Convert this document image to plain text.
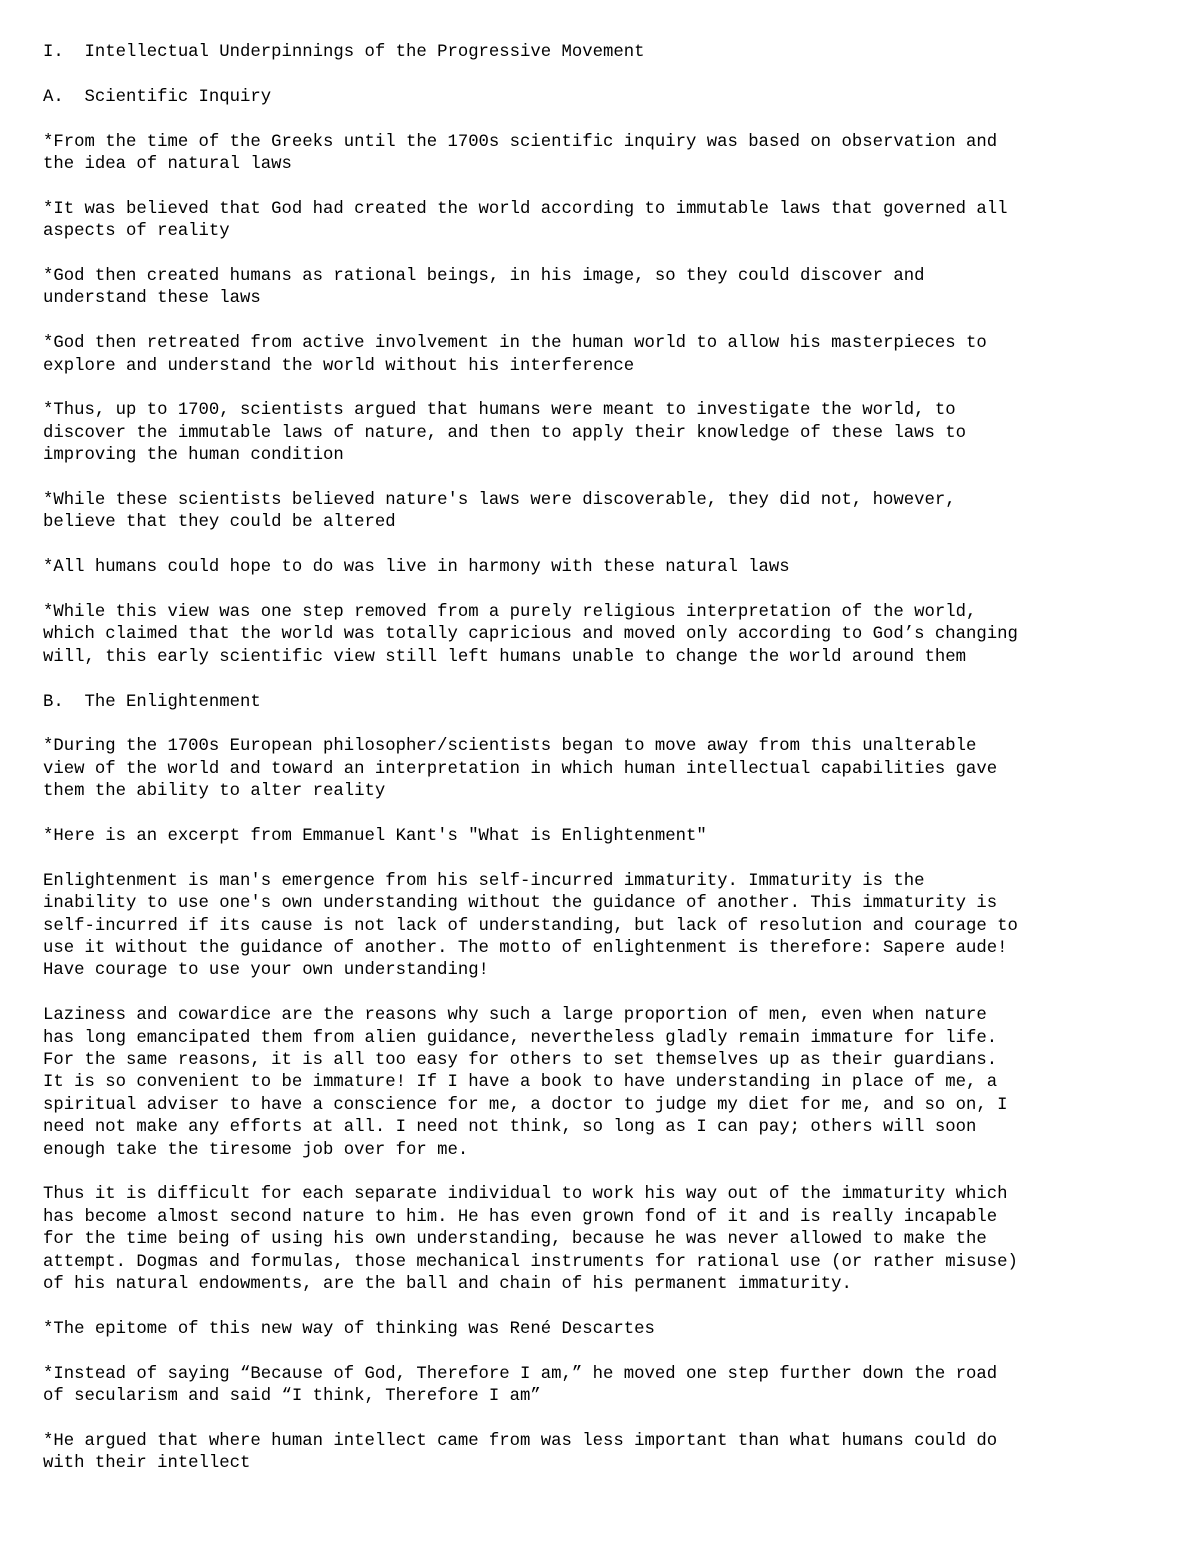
I.  Intellectual Underpinnings of the Progressive Movement
A.  Scientific Inquiry
*From the time of the Greeks until the 1700s scientific inquiry was based on observation and
the idea of natural laws
*It was believed that God had created the world according to immutable laws that governed all
aspects of reality
*God then created humans as rational beings, in his image, so they could discover and
understand these laws
*God then retreated from active involvement in the human world to allow his masterpieces to
explore and understand the world without his interference
*Thus, up to 1700, scientists argued that humans were meant to investigate the world, to
discover the immutable laws of nature, and then to apply their knowledge of these laws to
improving the human condition
*While these scientists believed nature's laws were discoverable, they did not, however,
believe that they could be altered
*All humans could hope to do was live in harmony with these natural laws
*While this view was one step removed from a purely religious interpretation of the world,
which claimed that the world was totally capricious and moved only according to God’s changing
will, this early scientific view still left humans unable to change the world around them
B.  The Enlightenment
*During the 1700s European philosopher/scientists began to move away from this unalterable
view of the world and toward an interpretation in which human intellectual capabilities gave
them the ability to alter reality
*Here is an excerpt from Emmanuel Kant's "What is Enlightenment"
Enlightenment is man's emergence from his self-incurred immaturity. Immaturity is the
inability to use one's own understanding without the guidance of another. This immaturity is
self-incurred if its cause is not lack of understanding, but lack of resolution and courage to
use it without the guidance of another. The motto of enlightenment is therefore: Sapere aude!
Have courage to use your own understanding!
Laziness and cowardice are the reasons why such a large proportion of men, even when nature
has long emancipated them from alien guidance, nevertheless gladly remain immature for life.
For the same reasons, it is all too easy for others to set themselves up as their guardians.
It is so convenient to be immature! If I have a book to have understanding in place of me, a
spiritual adviser to have a conscience for me, a doctor to judge my diet for me, and so on, I
need not make any efforts at all. I need not think, so long as I can pay; others will soon
enough take the tiresome job over for me.
Thus it is difficult for each separate individual to work his way out of the immaturity which
has become almost second nature to him. He has even grown fond of it and is really incapable
for the time being of using his own understanding, because he was never allowed to make the
attempt. Dogmas and formulas, those mechanical instruments for rational use (or rather misuse)
of his natural endowments, are the ball and chain of his permanent immaturity.
*The epitome of this new way of thinking was René Descartes
*Instead of saying “Because of God, Therefore I am,” he moved one step further down the road
of secularism and said “I think, Therefore I am”
*He argued that where human intellect came from was less important than what humans could do
with their intellect
